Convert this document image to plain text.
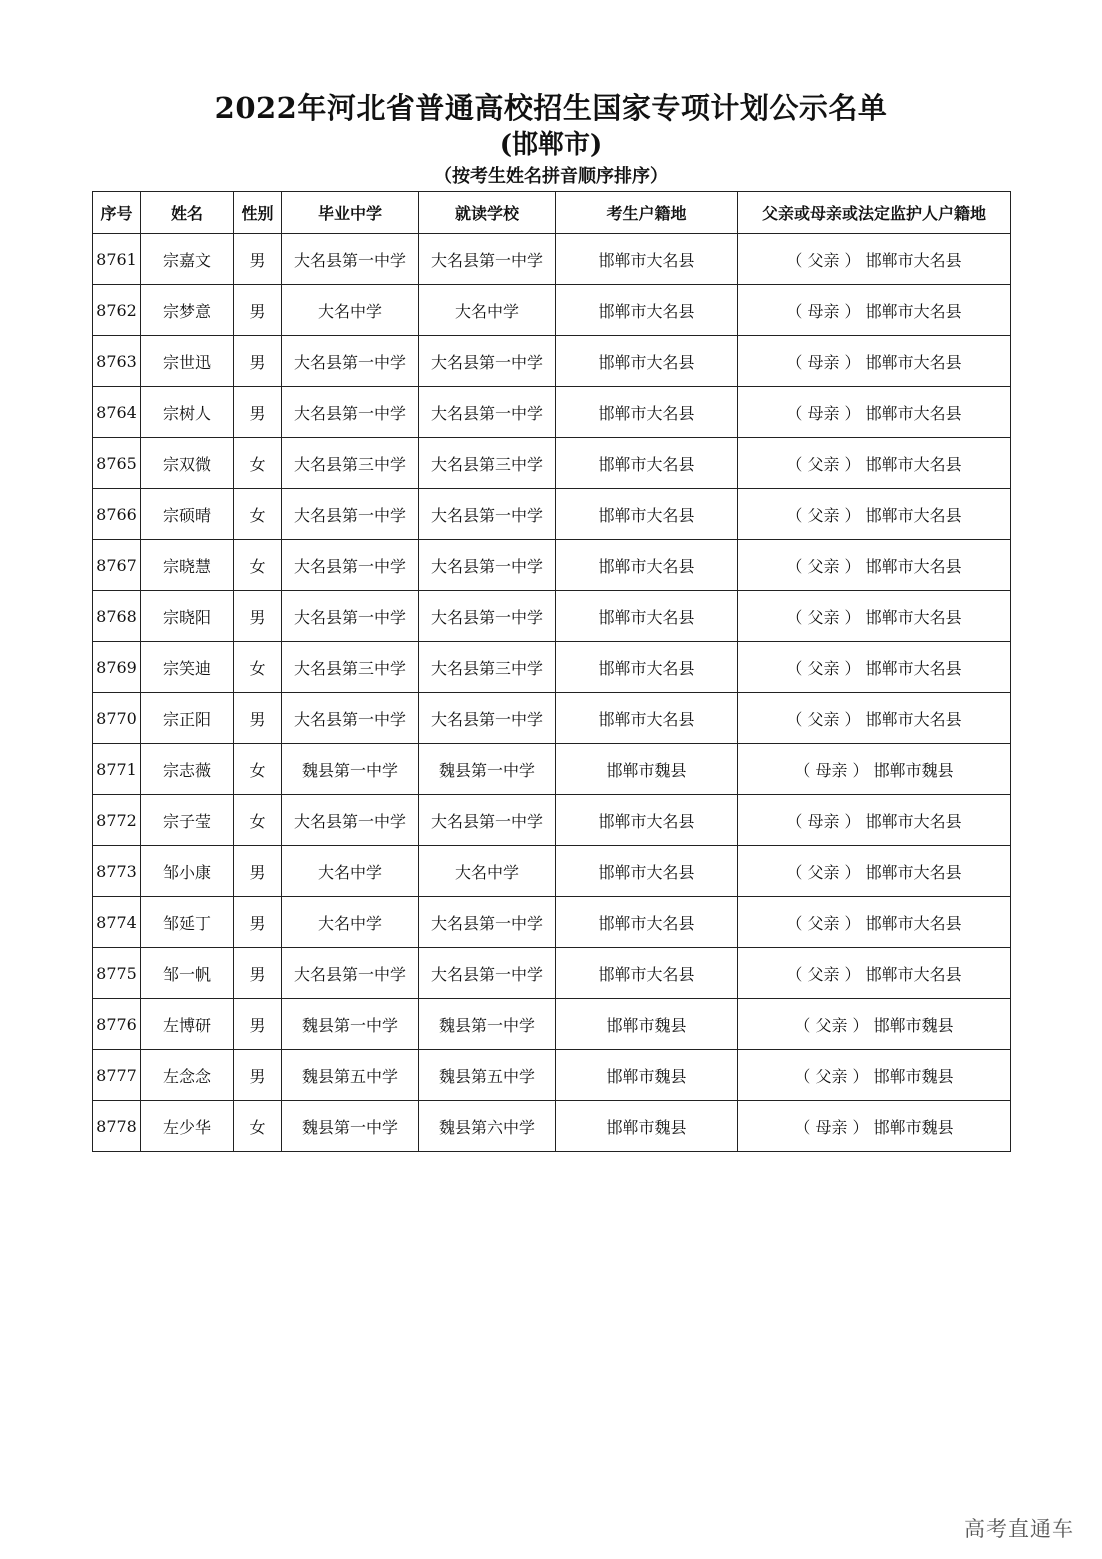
2022年河北省普通高校招生国家专项计划公示名单
(邯郸市)
（按考生姓名拼音顺序排序）
序号	姓名	性别	毕业中学	就读学校	考生户籍地	父亲或母亲或法定监护人户籍地
8761	宗嘉文	男	大名县第一中学	大名县第一中学	邯郸市大名县	（ 父亲 ） 邯郸市大名县
8762	宗梦意	男	大名中学	大名中学	邯郸市大名县	（ 母亲 ） 邯郸市大名县
8763	宗世迅	男	大名县第一中学	大名县第一中学	邯郸市大名县	（ 母亲 ） 邯郸市大名县
8764	宗树人	男	大名县第一中学	大名县第一中学	邯郸市大名县	（ 母亲 ） 邯郸市大名县
8765	宗双微	女	大名县第三中学	大名县第三中学	邯郸市大名县	（ 父亲 ） 邯郸市大名县
8766	宗硕晴	女	大名县第一中学	大名县第一中学	邯郸市大名县	（ 父亲 ） 邯郸市大名县
8767	宗晓慧	女	大名县第一中学	大名县第一中学	邯郸市大名县	（ 父亲 ） 邯郸市大名县
8768	宗晓阳	男	大名县第一中学	大名县第一中学	邯郸市大名县	（ 父亲 ） 邯郸市大名县
8769	宗笑迪	女	大名县第三中学	大名县第三中学	邯郸市大名县	（ 父亲 ） 邯郸市大名县
8770	宗正阳	男	大名县第一中学	大名县第一中学	邯郸市大名县	（ 父亲 ） 邯郸市大名县
8771	宗志薇	女	魏县第一中学	魏县第一中学	邯郸市魏县	（ 母亲 ） 邯郸市魏县
8772	宗子莹	女	大名县第一中学	大名县第一中学	邯郸市大名县	（ 母亲 ） 邯郸市大名县
8773	邹小康	男	大名中学	大名中学	邯郸市大名县	（ 父亲 ） 邯郸市大名县
8774	邹延丁	男	大名中学	大名县第一中学	邯郸市大名县	（ 父亲 ） 邯郸市大名县
8775	邹一帆	男	大名县第一中学	大名县第一中学	邯郸市大名县	（ 父亲 ） 邯郸市大名县
8776	左博研	男	魏县第一中学	魏县第一中学	邯郸市魏县	（ 父亲 ） 邯郸市魏县
8777	左念念	男	魏县第五中学	魏县第五中学	邯郸市魏县	（ 父亲 ） 邯郸市魏县
8778	左少华	女	魏县第一中学	魏县第六中学	邯郸市魏县	（ 母亲 ） 邯郸市魏县
高考直通车
